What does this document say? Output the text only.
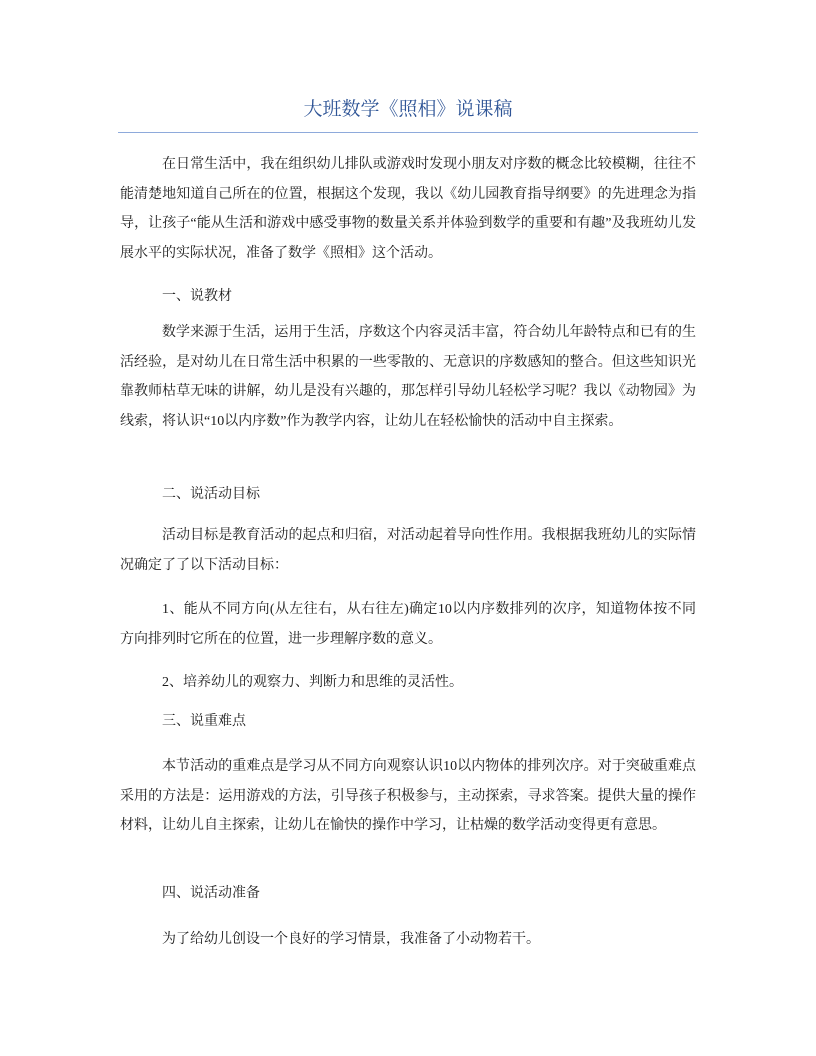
大班数学《照相》说课稿

在日常生活中，我在组织幼儿排队或游戏时发现小朋友对序数的概念比较模糊，往往不能清楚地知道自己所在的位置，根据这个发现，我以《幼儿园教育指导纲要》的先进理念为指导，让孩子“能从生活和游戏中感受事物的数量关系并体验到数学的重要和有趣”及我班幼儿发展水平的实际状况，准备了数学《照相》这个活动。

一、说教材

数学来源于生活，运用于生活，序数这个内容灵活丰富，符合幼儿年龄特点和已有的生活经验，是对幼儿在日常生活中积累的一些零散的、无意识的序数感知的整合。但这些知识光靠教师枯草无味的讲解，幼儿是没有兴趣的，那怎样引导幼儿轻松学习呢？我以《动物园》为线索，将认识“10以内序数”作为教学内容，让幼儿在轻松愉快的活动中自主探索。

二、说活动目标

活动目标是教育活动的起点和归宿，对活动起着导向性作用。我根据我班幼儿的实际情况确定了了以下活动目标：

1、能从不同方向(从左往右，从右往左)确定10以内序数排列的次序，知道物体按不同方向排列时它所在的位置，进一步理解序数的意义。

2、培养幼儿的观察力、判断力和思维的灵活性。

三、说重难点

本节活动的重难点是学习从不同方向观察认识10以内物体的排列次序。对于突破重难点采用的方法是：运用游戏的方法，引导孩子积极参与，主动探索，寻求答案。提供大量的操作材料，让幼儿自主探索，让幼儿在愉快的操作中学习，让枯燥的数学活动变得更有意思。

四、说活动准备

为了给幼儿创设一个良好的学习情景，我准备了小动物若干。
